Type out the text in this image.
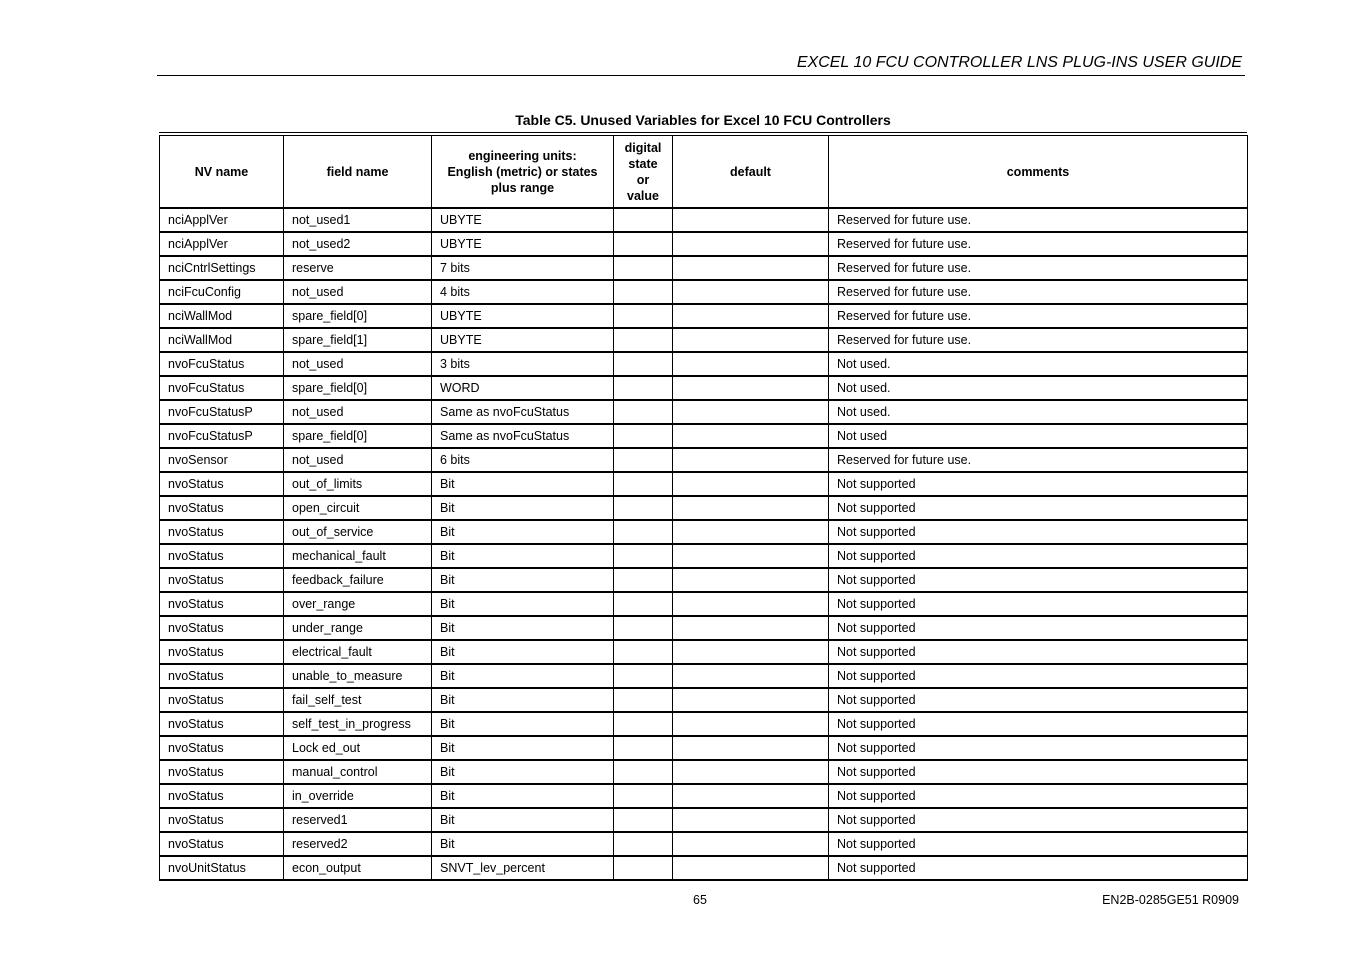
EXCEL 10 FCU CONTROLLER LNS PLUG-INS USER GUIDE
Table C5. Unused Variables for Excel 10 FCU Controllers
NV name	field name	engineering units:
English (metric) or states
plus range	digital
state
or
value	default	comments
nciApplVer	not_used1	UBYTE			Reserved for future use.
nciApplVer	not_used2	UBYTE			Reserved for future use.
nciCntrlSettings	reserve	7 bits			Reserved for future use.
nciFcuConfig	not_used	4 bits			Reserved for future use.
nciWallMod	spare_field[0]	UBYTE			Reserved for future use.
nciWallMod	spare_field[1]	UBYTE			Reserved for future use.
nvoFcuStatus	not_used	3 bits			Not used.
nvoFcuStatus	spare_field[0]	WORD			Not used.
nvoFcuStatusP	not_used	Same as nvoFcuStatus			Not used.
nvoFcuStatusP	spare_field[0]	Same as nvoFcuStatus			Not used
nvoSensor	not_used	6 bits			Reserved for future use.
nvoStatus	out_of_limits	Bit			Not supported
nvoStatus	open_circuit	Bit			Not supported
nvoStatus	out_of_service	Bit			Not supported
nvoStatus	mechanical_fault	Bit			Not supported
nvoStatus	feedback_failure	Bit			Not supported
nvoStatus	over_range	Bit			Not supported
nvoStatus	under_range	Bit			Not supported
nvoStatus	electrical_fault	Bit			Not supported
nvoStatus	unable_to_measure	Bit			Not supported
nvoStatus	fail_self_test	Bit			Not supported
nvoStatus	self_test_in_progress	Bit			Not supported
nvoStatus	Lock ed_out	Bit			Not supported
nvoStatus	manual_control	Bit			Not supported
nvoStatus	in_override	Bit			Not supported
nvoStatus	reserved1	Bit			Not supported
nvoStatus	reserved2	Bit			Not supported
nvoUnitStatus	econ_output	SNVT_lev_percent			Not supported
65	EN2B-0285GE51 R0909
